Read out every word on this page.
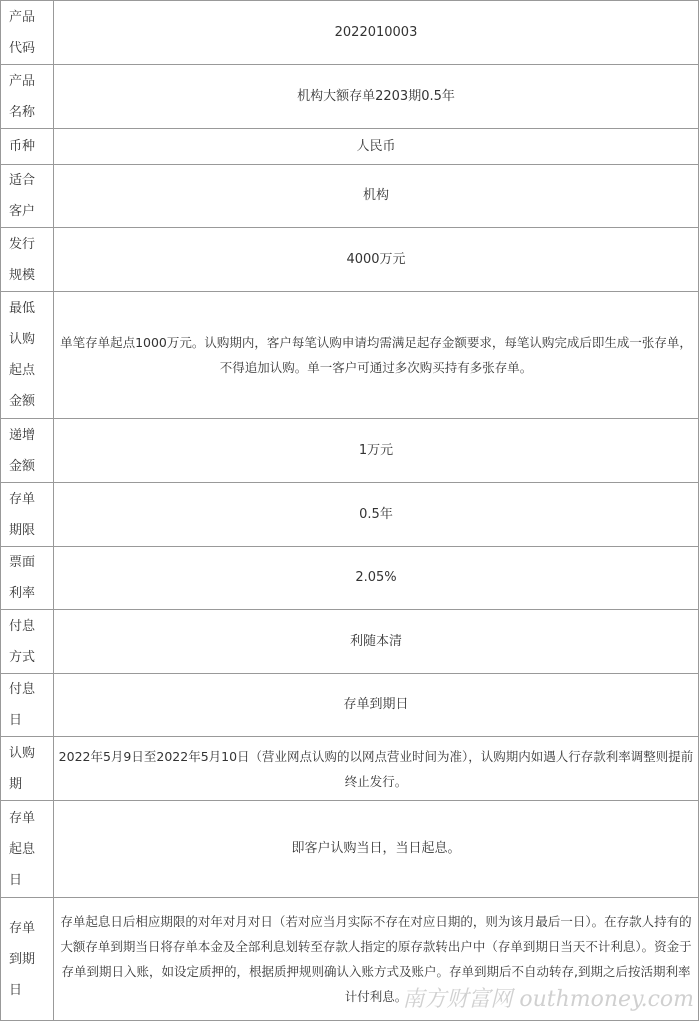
产品代码	2022010003

产品名称	机构大额存单2203期0.5年

币种	人民币

适合客户	机构

发行规模	4000万元

最低认购起点金额	单笔存单起点1000万元。认购期内，客户每笔认购申请均需满足起存金额要求，每笔认购完成后即生成一张存单，不得追加认购。单一客户可通过多次购买持有多张存单。

递增金额	1万元

存单期限	0.5年

票面利率	2.05%

付息方式	利随本清

付息日	存单到期日

认购期	2022年5月9日至2022年5月10日（营业网点认购的以网点营业时间为准），认购期内如遇人行存款利率调整则提前终止发行。

存单起息日	即客户认购当日，当日起息。

存单到期日	存单起息日后相应期限的对年对月对日（若对应当月实际不存在对应日期的，则为该月最后一日）。在存款人持有的大额存单到期当日将存单本金及全部利息划转至存款人指定的原存款转出户中（存单到期日当天不计利息）。资金于存单到期日入账，如设定质押的，根据质押规则确认入账方式及账户。存单到期后不自动转存,到期之后按活期利率计付利息。
南方财富网 outhmoney.com
